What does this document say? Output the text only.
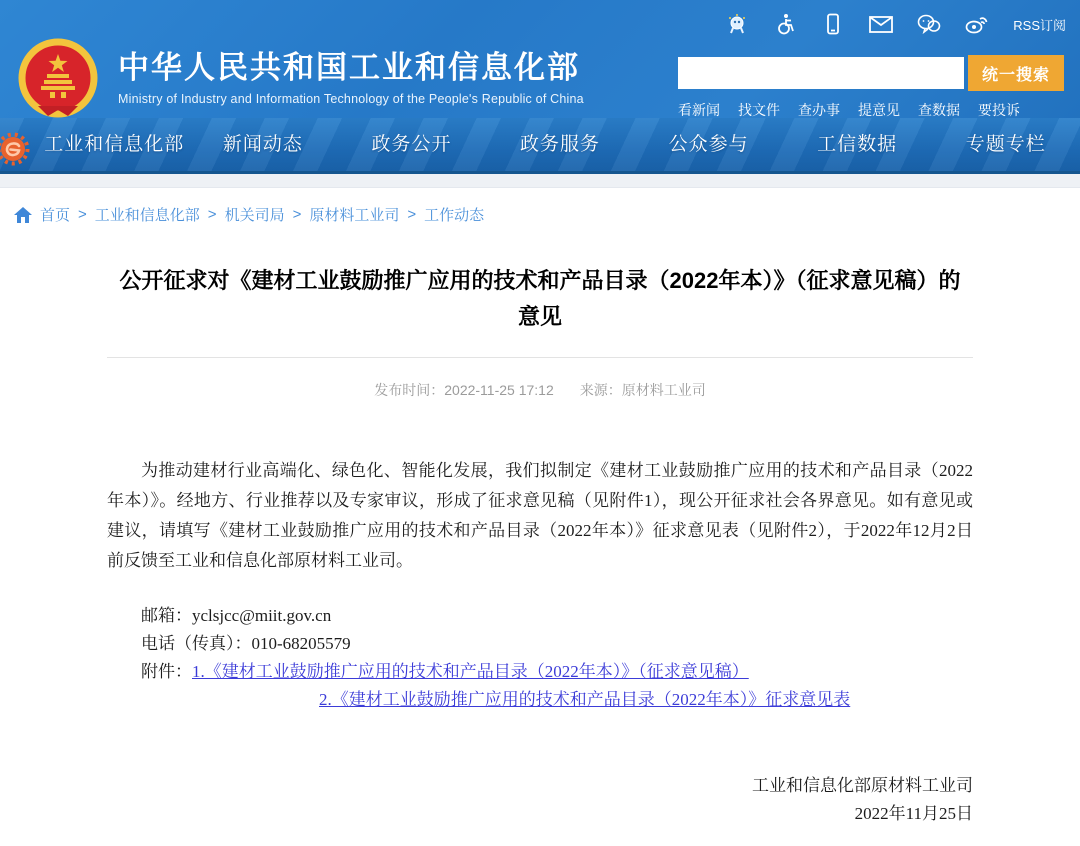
RSS订阅
中华人民共和国工业和信息化部
Ministry of Industry and Information Technology of the People's Republic of China
统一搜索
看新闻 找文件 查办事 提意见 查数据 要投诉
工业和信息化部	新闻动态	政务公开	政务服务	公众参与	工信数据	专题专栏
首页 > 工业和信息化部 > 机关司局 > 原材料工业司 > 工作动态
公开征求对《建材工业鼓励推广应用的技术和产品目录（2022年本）》（征求意见稿）的意见
发布时间：2022-11-25 17:12 来源：原材料工业司

为推动建材行业高端化、绿色化、智能化发展，我们拟制定《建材工业鼓励推广应用的技术和产品目录（2022年本）》。经地方、行业推荐以及专家审议，形成了征求意见稿（见附件1），现公开征求社会各界意见。如有意见或建议，请填写《建材工业鼓励推广应用的技术和产品目录（2022年本）》征求意见表（见附件2），于2022年12月2日前反馈至工业和信息化部原材料工业司。

邮箱：yclsjcc@miit.gov.cn
电话（传真）：010-68205579
附件：1.《建材工业鼓励推广应用的技术和产品目录（2022年本）》（征求意见稿）
2.《建材工业鼓励推广应用的技术和产品目录（2022年本）》征求意见表
工业和信息化部原材料工业司
2022年11月25日
